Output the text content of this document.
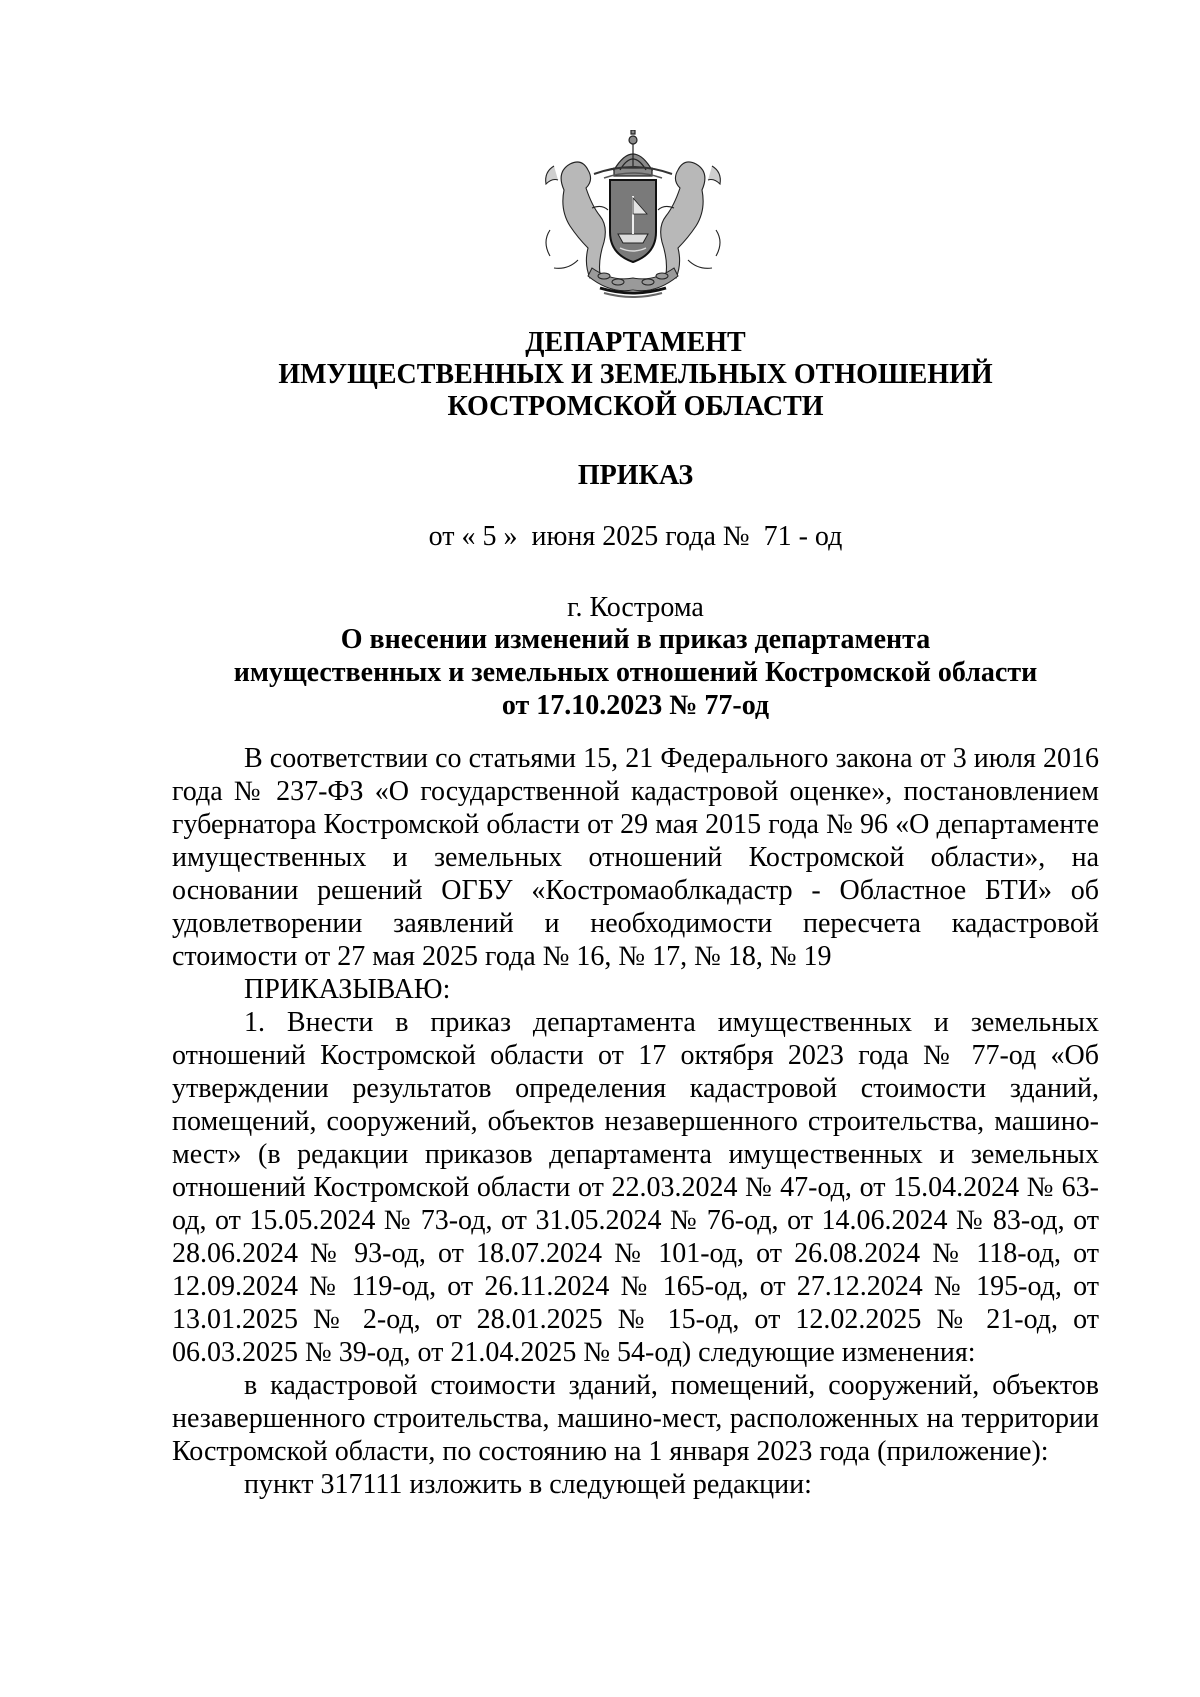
ДЕПАРТАМЕНТ
ИМУЩЕСТВЕННЫХ И ЗЕМЕЛЬНЫХ ОТНОШЕНИЙ
КОСТРОМСКОЙ ОБЛАСТИ
ПРИКАЗ
от « 5 »  июня 2025 года №  71 - од
г. Кострома
О внесении изменений в приказ департамента
имущественных и земельных отношений Костромской области
от 17.10.2023 № 77-од

В соответствии со статьями 15, 21 Федерального закона от 3 июля 2016 года № 237-ФЗ «О государственной кадастровой оценке», постановлением губернатора Костромской области от 29 мая 2015 года № 96 «О департаменте имущественных и земельных отношений Костромской области», на основании решений ОГБУ «Костромаоблкадастр - Областное БТИ» об удовлетворении заявлений и необходимости пересчета кадастровой стоимости от 27 мая 2025 года № 16, № 17, № 18, № 19

ПРИКАЗЫВАЮ:

1. Внести в приказ департамента имущественных и земельных отношений Костромской области от 17 октября 2023 года № 77-од «Об утверждении результатов определения кадастровой стоимости зданий, помещений, сооружений, объектов незавершенного строительства, машино-мест» (в редакции приказов департамента имущественных и земельных отношений Костромской области от 22.03.2024 № 47-од, от 15.04.2024 № 63-од, от 15.05.2024 № 73-од, от 31.05.2024 № 76-од, от 14.06.2024 № 83-од, от 28.06.2024 № 93-од, от 18.07.2024 № 101-од, от 26.08.2024 № 118-од, от 12.09.2024 № 119-од, от 26.11.2024 № 165-од, от 27.12.2024 № 195-од, от 13.01.2025 № 2-од, от 28.01.2025 № 15-од, от 12.02.2025 № 21-од, от 06.03.2025 № 39-од, от 21.04.2025 № 54-од) следующие изменения:

в кадастровой стоимости зданий, помещений, сооружений, объектов незавершенного строительства, машино-мест, расположенных на территории Костромской области, по состоянию на 1 января 2023 года (приложение):

пункт 317111 изложить в следующей редакции:
